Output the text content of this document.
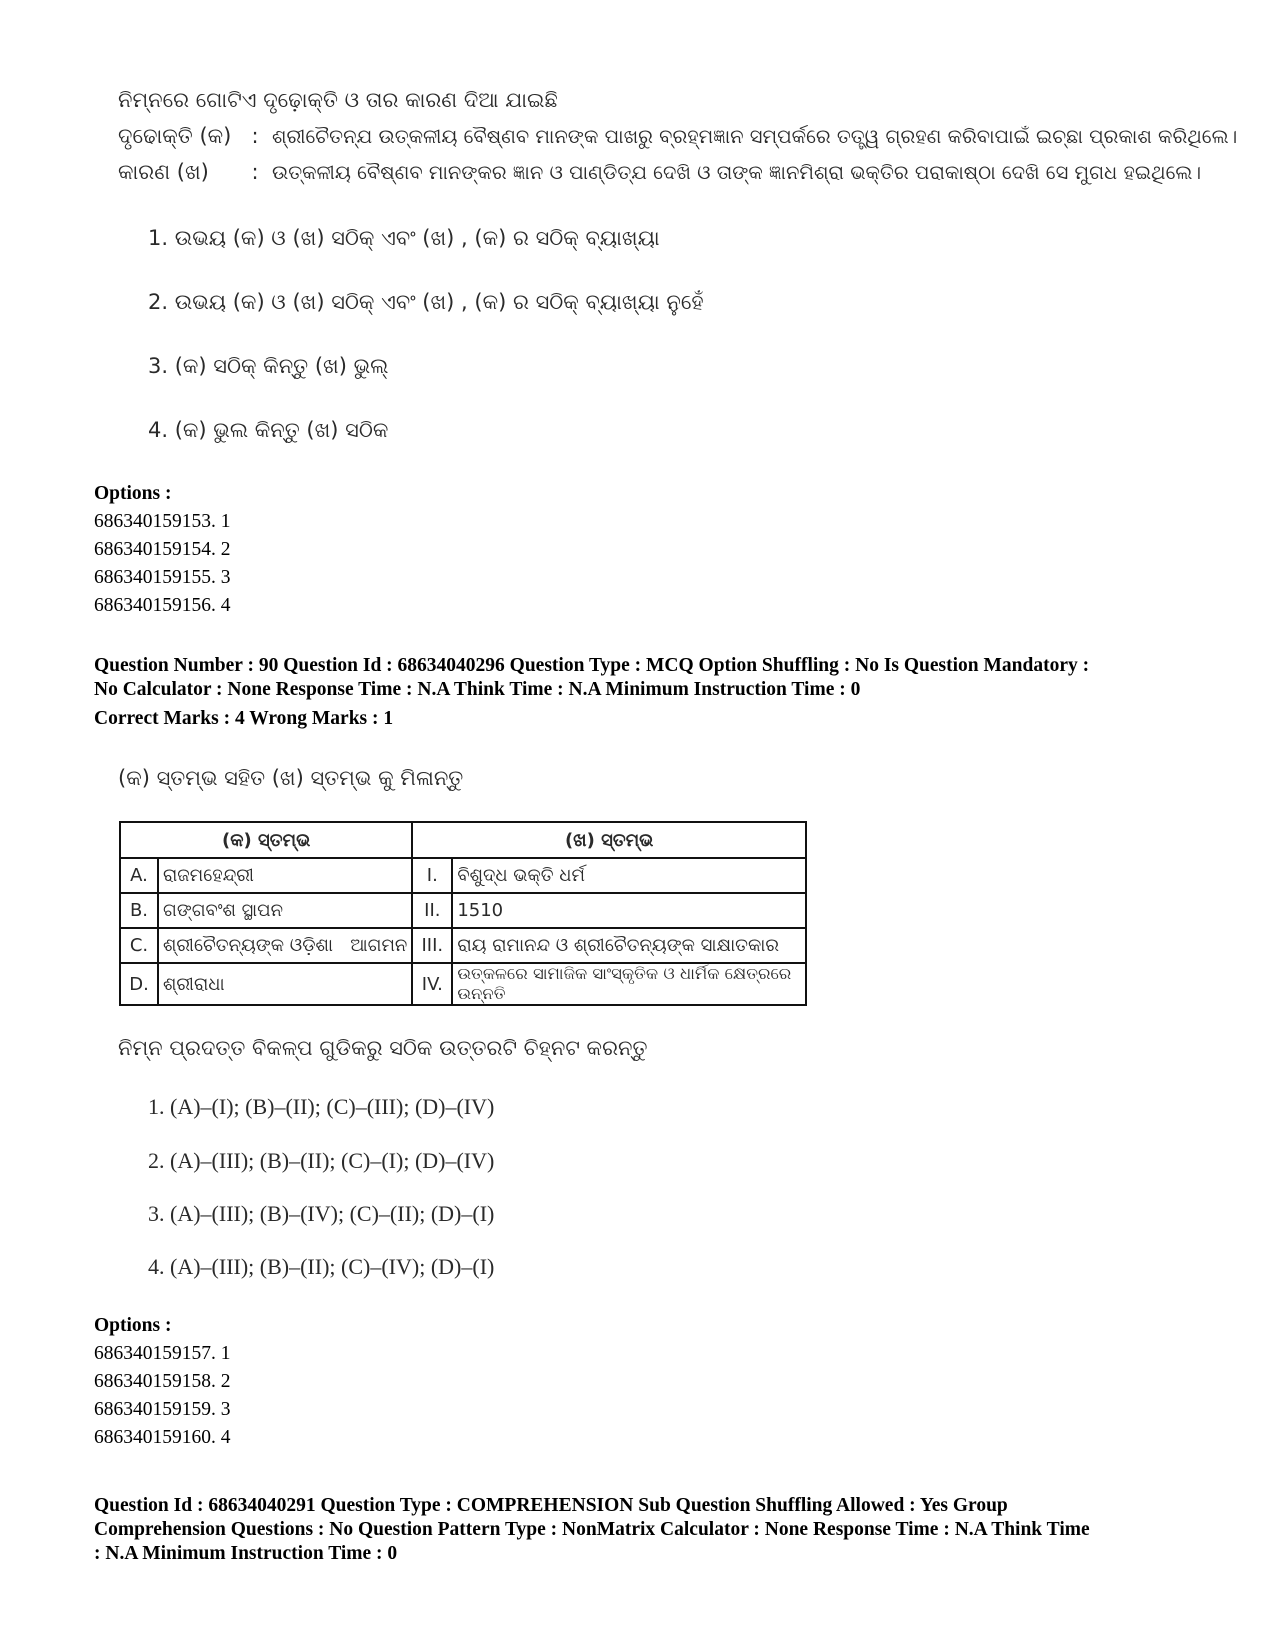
ନିମ୍ନରେ ଗୋଟିଏ ଦୃଢ଼ୋକ୍ତି ଓ ତାର କାରଣ ଦିଆ ଯାଇଛି
ଦୃଢୋକ୍ତି (କ) : ଶ୍ରୀଚୈତନ୍ଯ ଉତ୍କଳୀୟ ବୈଷ୍ଣବ ମାନଙ୍କ ପାଖରୁ ବ୍ରହ୍ମଜ୍ଞାନ ସମ୍ପର୍କରେ ତତ୍ତ୍ୱ ଗ୍ରହଣ କରିବାପାଇଁ ଇଚ୍ଛା ପ୍ରକାଶ କରିଥିଲେ।
କାରଣ (ଖ) : ଉତ୍କଳୀୟ ବୈଷ୍ଣବ ମାନଙ୍କର ଜ୍ଞାନ ଓ ପାଣ୍ଡିତ୍ଯ ଦେଖି ଓ ତାଙ୍କ ଜ୍ଞାନମିଶ୍ରା ଭକ୍ତିର ପରାକାଷ୍ଠା ଦେଖି ସେ ମୁଗଧ ହଇଥିଲେ।
1. ଉଭୟ (କ) ଓ (ଖ) ସଠିକ୍ ଏବଂ (ଖ) , (କ) ର ସଠିକ୍ ବ୍ୟାଖ୍ୟା
2. ଉଭୟ (କ) ଓ (ଖ) ସଠିକ୍ ଏବଂ (ଖ) , (କ) ର ସଠିକ୍ ବ୍ୟାଖ୍ୟା ନୁହେଁ
3. (କ) ସଠିକ୍ କିନ୍ତୁ (ଖ) ଭୁଲ୍
4. (କ) ଭୁଲ କିନ୍ତୁ (ଖ) ସଠିକ
Options :
686340159153. 1
686340159154. 2
686340159155. 3
686340159156. 4
Question Number : 90 Question Id : 68634040296 Question Type : MCQ Option Shuffling : No Is Question Mandatory :
No Calculator : None Response Time : N.A Think Time : N.A Minimum Instruction Time : 0
Correct Marks : 4 Wrong Marks : 1
(କ) ସ୍ତମ୍ଭ ସହିତ (ଖ) ସ୍ତମ୍ଭ କୁ ମିଳାନ୍ତୁ
(କ) ସ୍ତମ୍ଭ		(ଖ) ସ୍ତମ୍ଭ	
A.	ରାଜମହେନ୍ଦ୍ରୀ	I.	ବିଶୁଦ୍ଧ ଭକ୍ତି ଧର୍ମ
B.	ଗଙ୍ଗବଂଶ ସ୍ଥାପନ	II.	1510
C.	ଶ୍ରୀଚୈତନ୍ୟଙ୍କ ଓଡ଼ିଶା   ଆଗମନ	III.	ରାୟ ରାମାନନ୍ଦ ଓ ଶ୍ରୀଚୈତନ୍ୟଙ୍କ ସାକ୍ଷାତକାର
D.	ଶ୍ରୀରାଧା	IV.	ଉତ୍କଳରେ ସାମାଜିକ ସାଂସ୍କୃତିକ ଓ ଧାର୍ମିକ କ୍ଷେତ୍ରରେ ଉନ୍ନତି
ନିମ୍ନ ପ୍ରଦତ୍ତ ବିକଳ୍ପ ଗୁଡିକରୁ ସଠିକ ଉତ୍ତରଟି ଚିହ୍ନଟ କରନ୍ତୁ
1. (A)–(I); (B)–(II); (C)–(III); (D)–(IV)
2. (A)–(III); (B)–(II); (C)–(I); (D)–(IV)
3. (A)–(III); (B)–(IV); (C)–(II); (D)–(I)
4. (A)–(III); (B)–(II); (C)–(IV); (D)–(I)
Options :
686340159157. 1
686340159158. 2
686340159159. 3
686340159160. 4
Question Id : 68634040291 Question Type : COMPREHENSION Sub Question Shuffling Allowed : Yes Group
Comprehension Questions : No Question Pattern Type : NonMatrix Calculator : None Response Time : N.A Think Time
: N.A Minimum Instruction Time : 0
